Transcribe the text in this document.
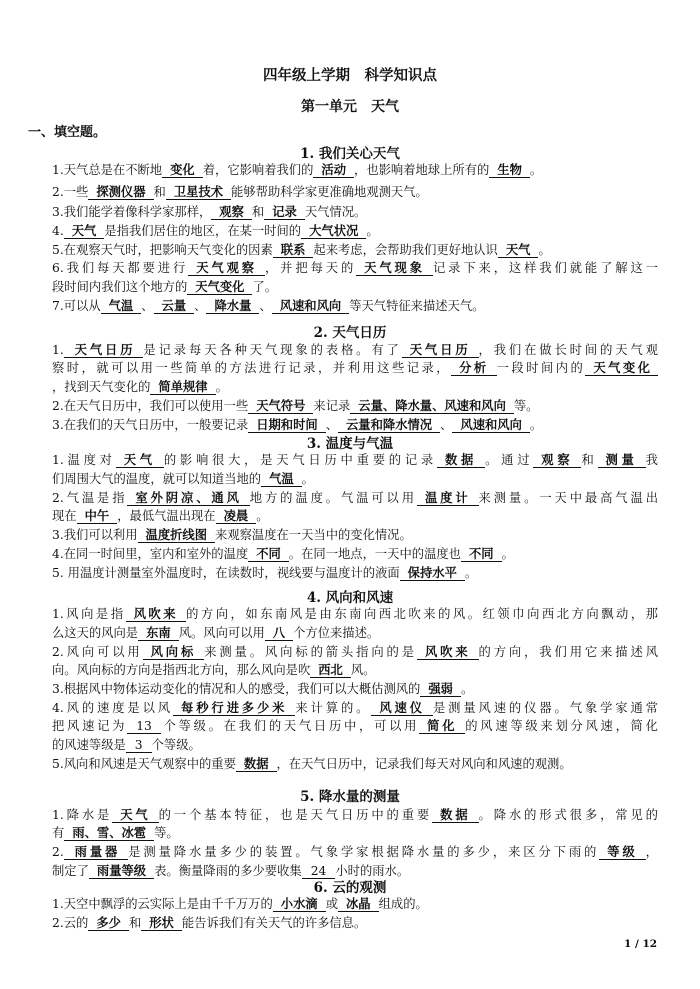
四年级上学期　科学知识点
第一单元　天气
一、填空题。
1. 我们关心天气
2. 天气日历
3. 温度与气温
4. 风向和风速
5. 降水量的测量
6. 云的观测
1.天气总是在不断地 变化 着，它影响着我们的 活动 ，也影响着地球上所有的 生物 。
2.一些 探测仪器 和 卫星技术 能够帮助科学家更准确地观测天气。
3.我们能学着像科学家那样， 观察 和 记录 天气情况。
4. 天气 是指我们居住的地区，在某一时间的 大气状况 。
5.在观察天气时，把影响天气变化的因素 联系 起来考虑，会帮助我们更好地认识 天气 。
6.我们每天都要进行 天气观察 ，并把每天的 天气现象 记录下来，这样我们就能了解这一
段时间内我们这个地方的 天气变化 了。
7.可以从 气温 、 云量 、 降水量 、 风速和风向 等天气特征来描述天气。
1. 天气日历 是记录每天各种天气现象的表格。有了 天气日历 ，我们在做长时间的天气观
察时，就可以用一些简单的方法进行记录，并利用这些记录， 分析 一段时间内的 天气变化
，找到天气变化的 简单规律 。
2.在天气日历中，我们可以使用一些 天气符号 来记录 云量、降水量、风速和风向 等。
3.在我们的天气日历中，一般要记录 日期和时间 、 云量和降水情况 、 风速和风向 。
1.温度对 天气 的影响很大，是天气日历中重要的记录 数据 。通过 观察 和 测量 我
们周围大气的温度，就可以知道当地的 气温 。
2.气温是指 室外阴凉、通风 地方的温度。气温可以用 温度计 来测量。一天中最高气温出
现在 中午 ，最低气温出现在 凌晨 。
3.我们可以利用 温度折线图 来观察温度在一天当中的变化情况。
4.在同一时间里，室内和室外的温度 不同 。在同一地点，一天中的温度也 不同 。
5. 用温度计测量室外温度时，在读数时，视线要与温度计的液面 保持水平 。
1.风向是指 风吹来 的方向，如东南风是由东南向西北吹来的风。红领巾向西北方向飘动，那
么这天的风向是 东南 风。风向可以用 八 个方位来描述。
2.风向可以用 风向标 来测量。风向标的箭头指向的是 风吹来 的方向，我们用它来描述风
向。风向标的方向是指西北方向，那么风向是吹 西北 风。
3.根据风中物体运动变化的情况和人的感受，我们可以大概估测风的 强弱 。
4.风的速度是以风 每秒行进多少米 来计算的。 风速仪 是测量风速的仪器。气象学家通常
把风速记为 13 个等级。在我们的天气日历中，可以用 简化 的风速等级来划分风速，简化
的风速等级是 3 个等级。
5.风向和风速是天气观察中的重要 数据 ，在天气日历中，记录我们每天对风向和风速的观测。
1.降水是 天气 的一个基本特征，也是天气日历中的重要 数据 。降水的形式很多，常见的
有 雨、雪、冰雹 等。
2. 雨量器 是测量降水量多少的装置。气象学家根据降水量的多少，来区分下雨的 等级 ，
制定了 雨量等级 表。衡量降雨的多少要收集 24 小时的雨水。
1.天空中飘浮的云实际上是由千千万万的 小水滴 或 冰晶 组成的。
2.云的 多少 和 形状 能告诉我们有关天气的许多信息。
1 / 12
